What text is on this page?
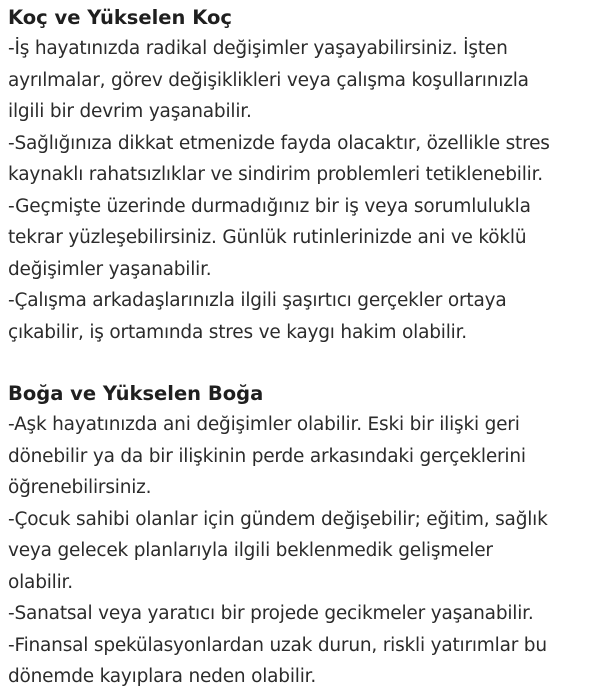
Koç ve Yükselen Koç

-İş hayatınızda radikal değişimler yaşayabilirsiniz. İşten

ayrılmalar, görev değişiklikleri veya çalışma koşullarınızla

ilgili bir devrim yaşanabilir.

-Sağlığınıza dikkat etmenizde fayda olacaktır, özellikle stres

kaynaklı rahatsızlıklar ve sindirim problemleri tetiklenebilir.

-Geçmişte üzerinde durmadığınız bir iş veya sorumlulukla

tekrar yüzleşebilirsiniz. Günlük rutinlerinizde ani ve köklü

değişimler yaşanabilir.

-Çalışma arkadaşlarınızla ilgili şaşırtıcı gerçekler ortaya

çıkabilir, iş ortamında stres ve kaygı hakim olabilir.

Boğa ve Yükselen Boğa

-Aşk hayatınızda ani değişimler olabilir. Eski bir ilişki geri

dönebilir ya da bir ilişkinin perde arkasındaki gerçeklerini

öğrenebilirsiniz.

-Çocuk sahibi olanlar için gündem değişebilir; eğitim, sağlık

veya gelecek planlarıyla ilgili beklenmedik gelişmeler

olabilir.

-Sanatsal veya yaratıcı bir projede gecikmeler yaşanabilir.

-Finansal spekülasyonlardan uzak durun, riskli yatırımlar bu

dönemde kayıplara neden olabilir.
